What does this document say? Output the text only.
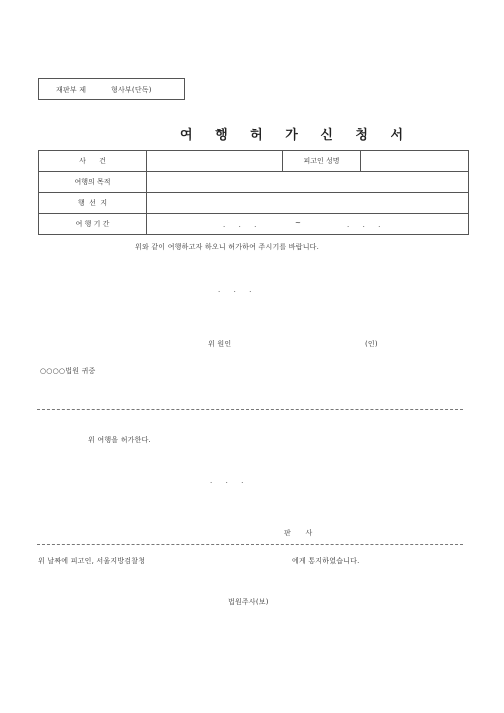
재판부 제	형사부(단독)
여 행 허 가 신 청 서
사      건		피고인 성명	
여행의 목적			
행  선  지			
여 행 기 간	.      .      . ~ .      .      .		
위와 같이 여행하고자 하오니 허가하여 주시기를 바랍니다.
.      .      .
위 원인	(인)
○○○○법원 귀중
위 여행을 허가한다.
.      .      .
판      사
위 날짜에 피고인, 서울지방검찰청	에게 통지하였습니다.
법원주사(보)
